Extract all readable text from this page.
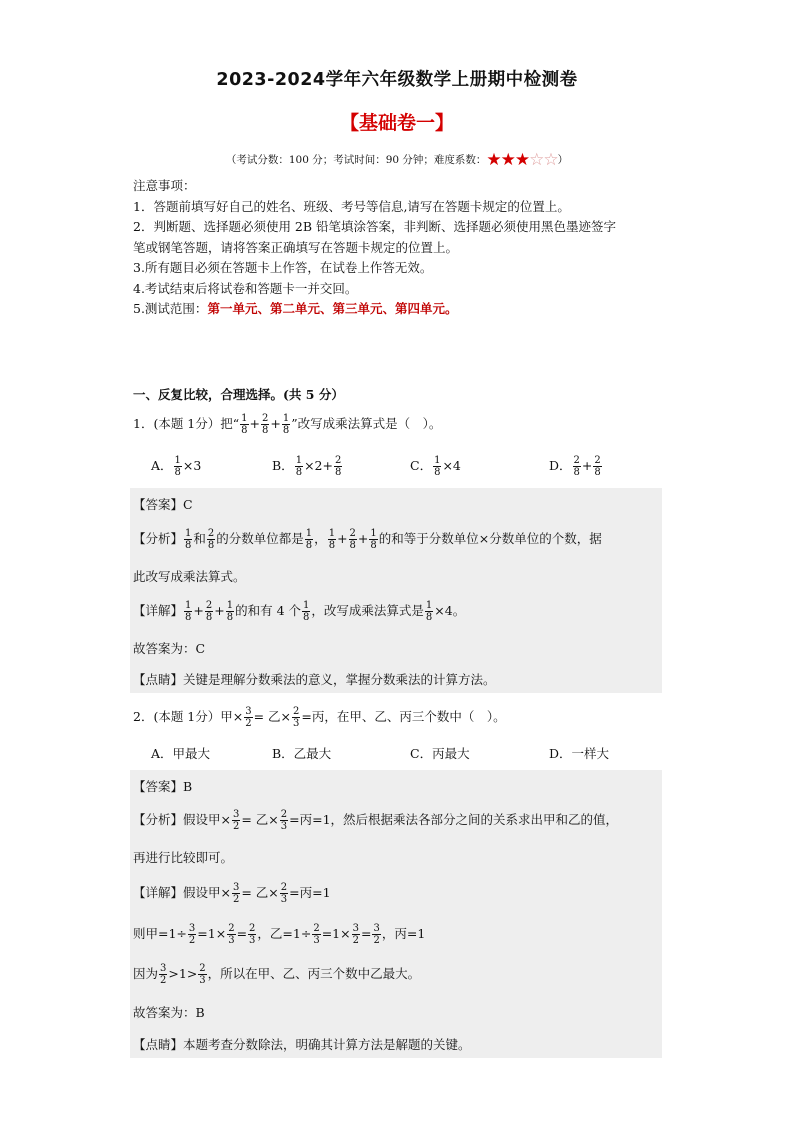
2023-2024学年六年级数学上册期中检测卷
【基础卷一】
（考试分数：100 分；考试时间：90 分钟；难度系数：★★★☆☆）
注意事项：
1．答题前填写好自己的姓名、班级、考号等信息,请写在答题卡规定的位置上。
2．判断题、选择题必须使用 2B 铅笔填涂答案，非判断、选择题必须使用黑色墨迹签字
笔或钢笔答题，请将答案正确填写在答题卡规定的位置上。
3.所有题目必须在答题卡上作答，在试卷上作答无效。
4.考试结束后将试卷和答题卡一并交回。
5.测试范围：第一单元、第二单元、第三单元、第四单元。
一、反复比较，合理选择。(共 5 分）
1．(本题 1分）把“ $\frac{1}{8} + \frac{2}{8} + \frac{1}{8}$ ”改写成乘法算式是（　）。
A． $\frac{1}{8} \times 3$	B． $\frac{1}{8} \times 2+ \frac{2}{8}$	C． $\frac{1}{8} \times 4$	D． $\frac{2}{8} + \frac{2}{8}$
【答案】C
【分析】 $\frac{1}{8}$ 和 $\frac{2}{8}$ 的分数单位都是 $\frac{1}{8}$ ， $\frac{1}{8} + \frac{2}{8} + \frac{1}{8}$ 的和等于分数单位×分数单位的个数，据
此改写成乘法算式。
【详解】 $\frac{1}{8} + \frac{2}{8} + \frac{1}{8}$ 的和有 4 个 $\frac{1}{8}$ ，改写成乘法算式是 $\frac{1}{8} \times 4$。
故答案为：C
【点睛】关键是理解分数乘法的意义，掌握分数乘法的计算方法。
2．(本题 1分）甲× $\frac{3}{2}$ = 乙× $\frac{2}{3}$ =丙，在甲、乙、丙三个数中（　）。
A．甲最大	B．乙最大	C．丙最大	D．一样大
【答案】B
【分析】假设甲× $\frac{3}{2}$ = 乙× $\frac{2}{3}$ =丙=1，然后根据乘法各部分之间的关系求出甲和乙的值，
再进行比较即可。
【详解】假设甲× $\frac{3}{2}$ = 乙× $\frac{2}{3}$ =丙=1
则甲$=1\div \frac{3}{2} =1\times \frac{2}{3} = \frac{2}{3}$ ，乙$=1\div \frac{2}{3} =1\times \frac{3}{2} = \frac{3}{2}$ ，丙=1
因为 $\frac{3}{2} >1> \frac{2}{3}$ ，所以在甲、乙、丙三个数中乙最大。
故答案为：B
【点睛】本题考查分数除法，明确其计算方法是解题的关键。
